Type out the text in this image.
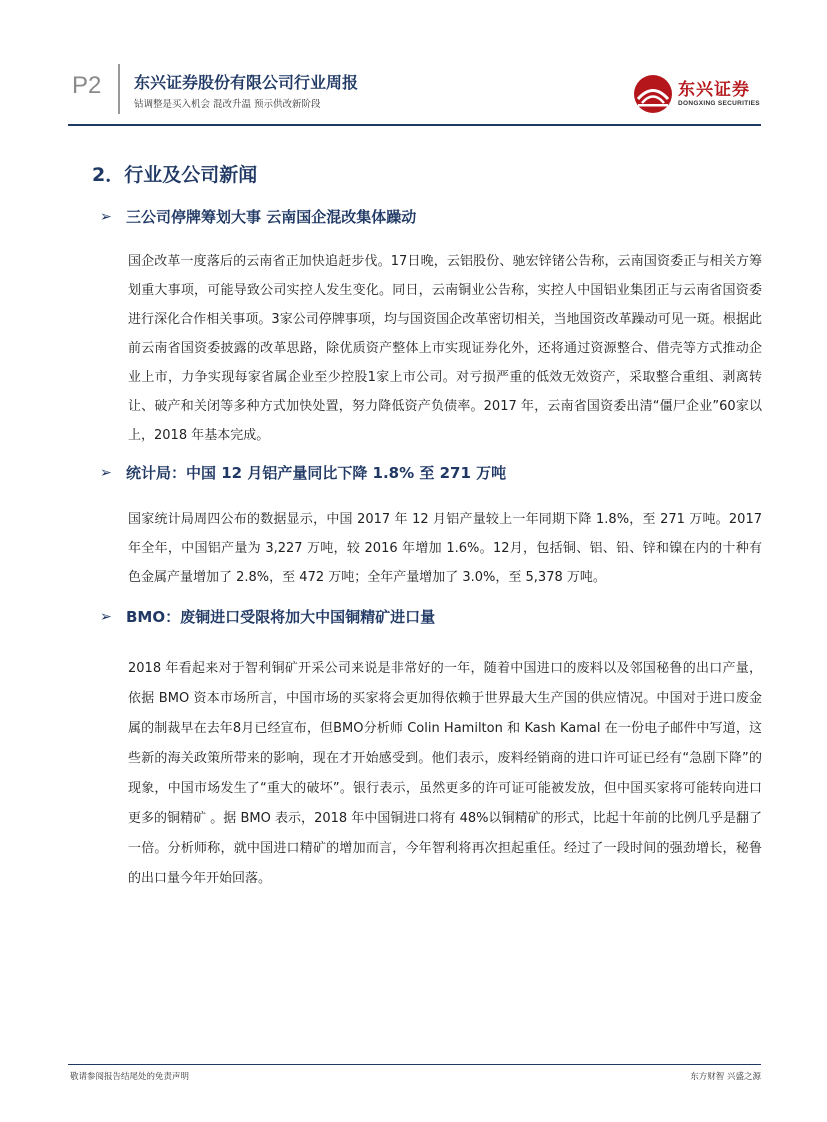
P2 东兴证券股份有限公司行业周报
钴调整是买入机会 混改升温 预示供改新阶段
东兴证券
DONGXING SECURITIES
2．行业及公司新闻
➢ 三公司停牌筹划大事 云南国企混改集体躁动
国企改革一度落后的云南省正加快追赶步伐。17日晚，云铝股份、驰宏锌锗公告称，云南国资委正与相关方筹划重大事项，可能导致公司实控人发生变化。同日，云南铜业公告称，实控人中国铝业集团正与云南省国资委进行深化合作相关事项。3家公司停牌事项，均与国资国企改革密切相关，当地国资改革躁动可见一斑。根据此前云南省国资委披露的改革思路，除优质资产整体上市实现证券化外，还将通过资源整合、借壳等方式推动企业上市，力争实现每家省属企业至少控股1家上市公司。对亏损严重的低效无效资产，采取整合重组、剥离转让、破产和关闭等多种方式加快处置，努力降低资产负债率。2017 年，云南省国资委出清“僵尸企业”60家以上，2018 年基本完成。
➢ 统计局：中国 12 月铝产量同比下降 1.8% 至 271 万吨
国家统计局周四公布的数据显示，中国 2017 年 12 月铝产量较上一年同期下降 1.8%，至 271 万吨。2017 年全年，中国铝产量为 3,227 万吨，较 2016 年增加 1.6%。12月，包括铜、铝、铅、锌和镍在内的十种有色金属产量增加了 2.8%，至 472 万吨；全年产量增加了 3.0%，至 5,378 万吨。
➢ BMO：废铜进口受限将加大中国铜精矿进口量
2018 年看起来对于智利铜矿开采公司来说是非常好的一年，随着中国进口的废料以及邻国秘鲁的出口产量，依据 BMO 资本市场所言，中国市场的买家将会更加得依赖于世界最大生产国的供应情况。中国对于进口废金属的制裁早在去年8月已经宣布，但BMO分析师 Colin Hamilton 和 Kash Kamal 在一份电子邮件中写道，这些新的海关政策所带来的影响，现在才开始感受到。他们表示，废料经销商的进口许可证已经有“急剧下降”的现象，中国市场发生了“重大的破坏”。银行表示，虽然更多的许可证可能被发放，但中国买家将可能转向进口更多的铜精矿 。据 BMO 表示，2018 年中国铜进口将有 48%以铜精矿的形式，比起十年前的比例几乎是翻了一倍。分析师称，就中国进口精矿的增加而言，今年智利将再次担起重任。经过了一段时间的强劲增长，秘鲁的出口量今年开始回落。
敬请参阅报告结尾处的免责声明	东方财智 兴盛之源
